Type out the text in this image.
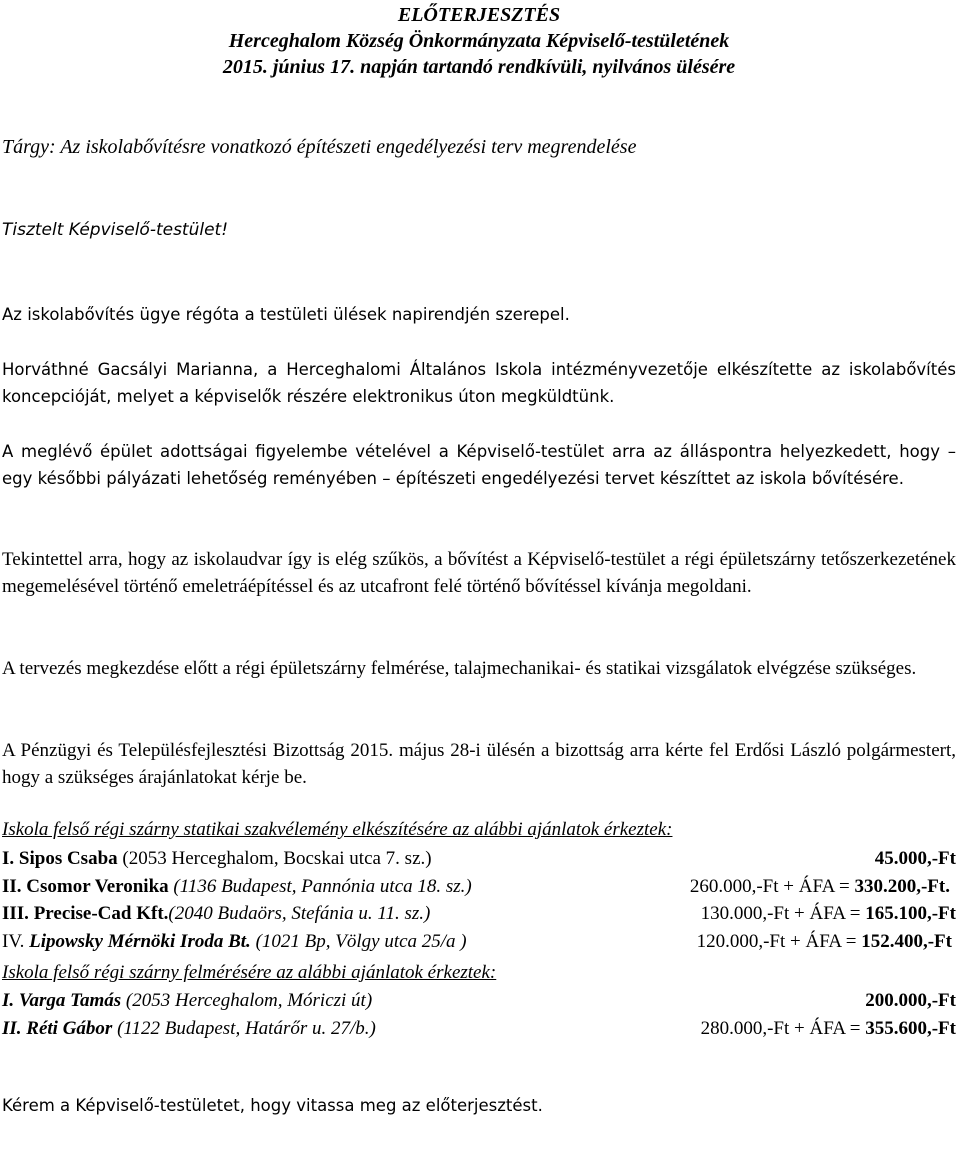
ELŐTERJESZTÉS
Herceghalom Község Önkormányzata Képviselő-testületének
2015. június 17. napján tartandó rendkívüli, nyilvános ülésére
Tárgy: Az iskolabővítésre vonatkozó építészeti engedélyezési terv megrendelése
Tisztelt Képviselő-testület!
Az iskolabővítés ügye régóta a testületi ülések napirendjén szerepel.
Horváthné Gacsályi Marianna, a Herceghalomi Általános Iskola intézményvezetője elkészítette az iskolabővítés koncepcióját, melyet a képviselők részére elektronikus úton megküldtünk.
A meglévő épület adottságai figyelembe vételével a Képviselő-testület arra az álláspontra helyezkedett, hogy – egy későbbi pályázati lehetőség reményében – építészeti engedélyezési tervet készíttet az iskola bővítésére.
Tekintettel arra, hogy az iskolaudvar így is elég szűkös, a bővítést a Képviselő-testület a régi épületszárny tetőszerkezetének megemelésével történő emeletráépítéssel és az utcafront felé történő bővítéssel kívánja megoldani.
A tervezés megkezdése előtt a régi épületszárny felmérése, talajmechanikai- és statikai vizsgálatok elvégzése szükséges.
A Pénzügyi és Településfejlesztési Bizottság 2015. május 28-i ülésén a bizottság arra kérte fel Erdősi László polgármestert, hogy a szükséges árajánlatokat kérje be.
Iskola felső régi szárny statikai szakvélemény elkészítésére az alábbi ajánlatok érkeztek:
I. Sipos Csaba (2053 Herceghalom, Bocskai utca 7. sz.)	45.000,-Ft
II. Csomor Veronika (1136 Budapest, Pannónia utca 18. sz.)	260.000,-Ft + ÁFA = 330.200,-Ft.
III. Precise-Cad Kft.(2040 Budaörs, Stefánia u. 11. sz.)	130.000,-Ft + ÁFA = 165.100,-Ft
IV. Lipowsky Mérnöki Iroda Bt. (1021 Bp, Völgy utca 25/a )	120.000,-Ft + ÁFA = 152.400,-Ft
Iskola felső régi szárny felmérésére az alábbi ajánlatok érkeztek:
I. Varga Tamás (2053 Herceghalom, Móriczi út)	200.000,-Ft
II. Réti Gábor (1122 Budapest, Határőr u. 27/b.)	280.000,-Ft + ÁFA = 355.600,-Ft
Kérem a Képviselő-testületet, hogy vitassa meg az előterjesztést.
